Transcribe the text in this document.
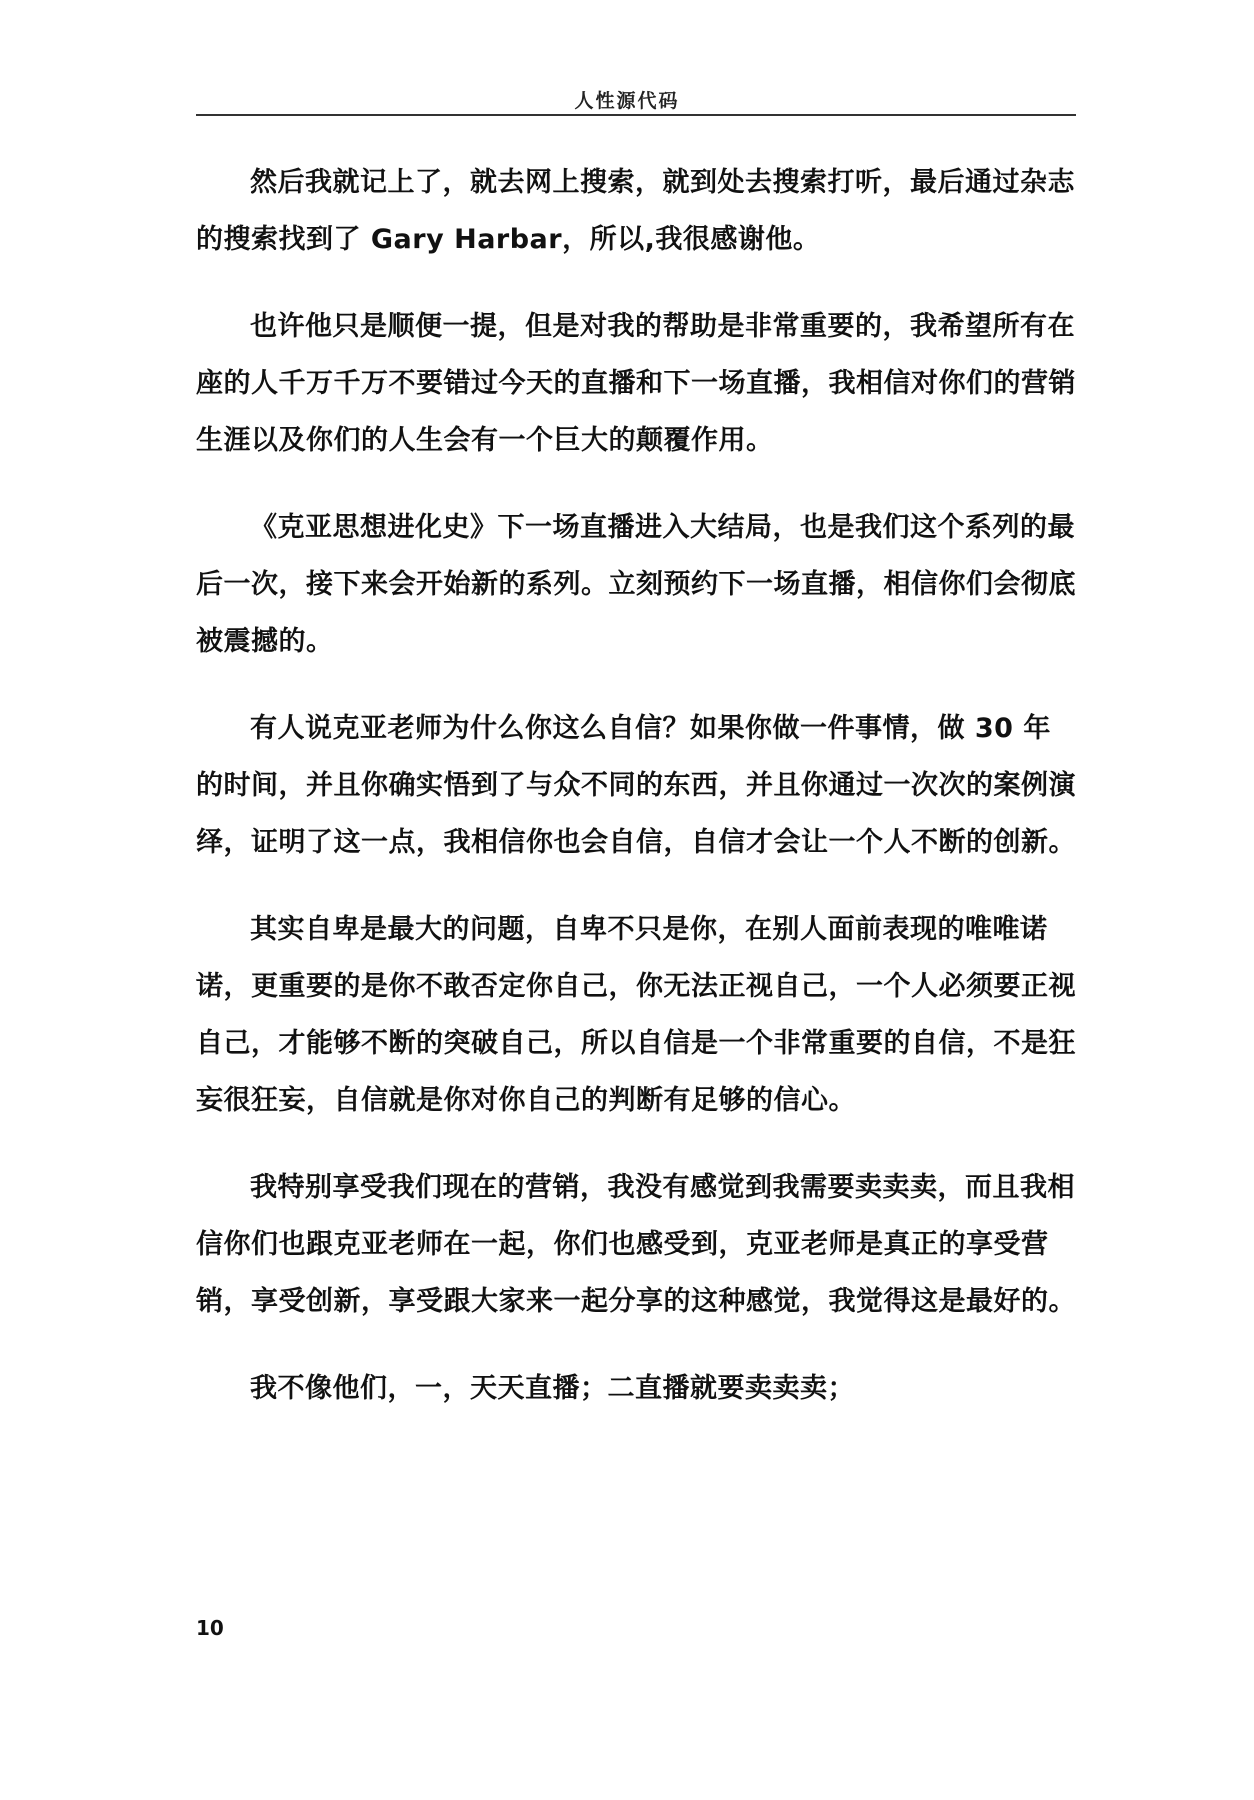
人性源代码

然后我就记上了，就去网上搜索，就到处去搜索打听，最后通过杂志的搜索找到了 Gary Harbar，所以,我很感谢他。

也许他只是顺便一提，但是对我的帮助是非常重要的，我希望所有在座的人千万千万不要错过今天的直播和下一场直播，我相信对你们的营销生涯以及你们的人生会有一个巨大的颠覆作用。

《克亚思想进化史》下一场直播进入大结局，也是我们这个系列的最后一次，接下来会开始新的系列。立刻预约下一场直播，相信你们会彻底被震撼的。

有人说克亚老师为什么你这么自信？如果你做一件事情，做 30 年的时间，并且你确实悟到了与众不同的东西，并且你通过一次次的案例演绎，证明了这一点，我相信你也会自信，自信才会让一个人不断的创新。

其实自卑是最大的问题，自卑不只是你，在别人面前表现的唯唯诺诺，更重要的是你不敢否定你自己，你无法正视自己，一个人必须要正视自己，才能够不断的突破自己，所以自信是一个非常重要的自信，不是狂妄很狂妄，自信就是你对你自己的判断有足够的信心。

我特别享受我们现在的营销，我没有感觉到我需要卖卖卖，而且我相信你们也跟克亚老师在一起，你们也感受到，克亚老师是真正的享受营销，享受创新，享受跟大家来一起分享的这种感觉，我觉得这是最好的。

我不像他们，一，天天直播；二直播就要卖卖卖；

10
